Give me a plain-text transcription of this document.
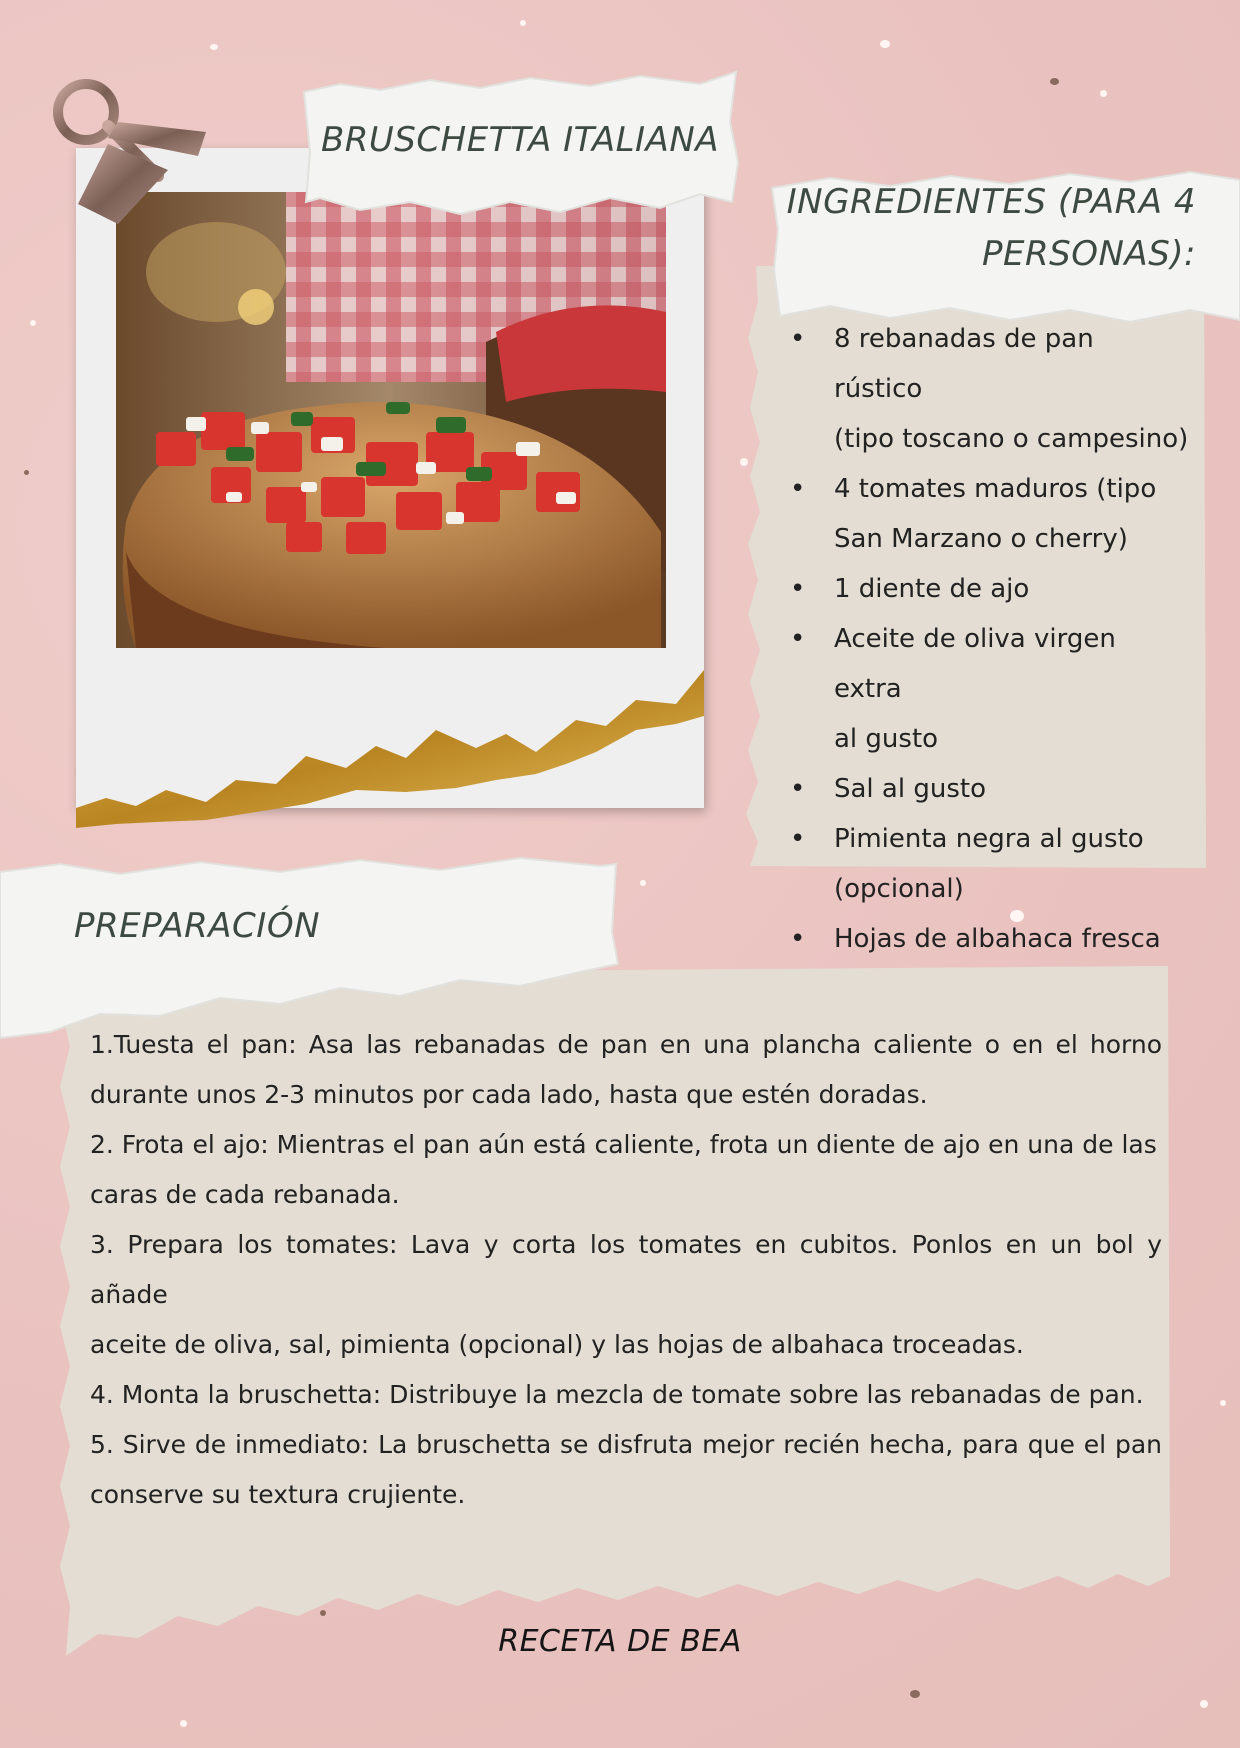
BRUSCHETTA ITALIANA
INGREDIENTES (PARA 4
PERSONAS):
• 8 rebanadas de pan rústico
(tipo toscano o campesino)
• 4 tomates maduros (tipo
San Marzano o cherry)
• 1 diente de ajo
• Aceite de oliva virgen extra
al gusto
• Sal al gusto
• Pimienta negra al gusto
(opcional)
• Hojas de albahaca fresca
PREPARACIÓN

1.Tuesta el pan: Asa las rebanadas de pan en una plancha caliente o en el horno durante unos 2-3 minutos por cada lado, hasta que estén doradas.

2. Frota el ajo: Mientras el pan aún está caliente, frota un diente de ajo en una de las

caras de cada rebanada.

3. Prepara los tomates: Lava y corta los tomates en cubitos. Ponlos en un bol y añade

aceite de oliva, sal, pimienta (opcional) y las hojas de albahaca troceadas.

4. Monta la bruschetta: Distribuye la mezcla de tomate sobre las rebanadas de pan.

5. Sirve de inmediato: La bruschetta se disfruta mejor recién hecha, para que el pan conserve su textura crujiente.

RECETA DE BEA
